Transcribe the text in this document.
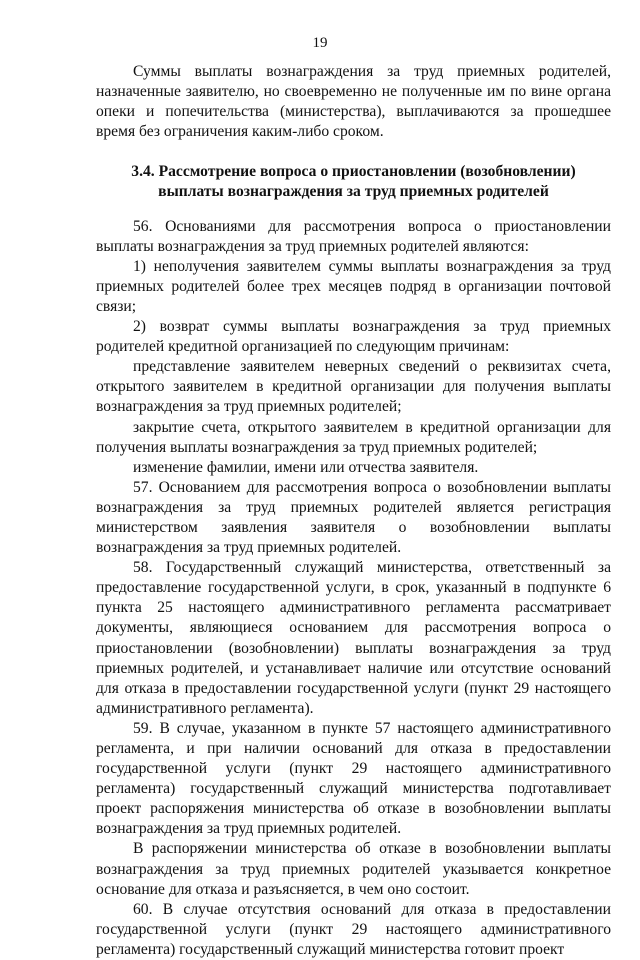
19

Суммы выплаты вознаграждения за труд приемных родителей, назначенные заявителю, но своевременно не полученные им по вине органа опеки и попечительства (министерства), выплачиваются за прошедшее время без ограничения каким-либо сроком.

3.4. Рассмотрение вопроса о приостановлении (возобновлении) выплаты вознаграждения за труд приемных родителей

56. Основаниями для рассмотрения вопроса о приостановлении выплаты вознаграждения за труд приемных родителей являются:

1) неполучения заявителем суммы выплаты вознаграждения за труд приемных родителей более трех месяцев подряд в организации почтовой связи;

2) возврат суммы выплаты вознаграждения за труд приемных родителей кредитной организацией по следующим причинам:

представление заявителем неверных сведений о реквизитах счета, открытого заявителем в кредитной организации для получения выплаты вознаграждения за труд приемных родителей;

закрытие счета, открытого заявителем в кредитной организации для получения выплаты вознаграждения за труд приемных родителей;

изменение фамилии, имени или отчества заявителя.

57. Основанием для рассмотрения вопроса о возобновлении выплаты вознаграждения за труд приемных родителей является регистрация министерством заявления заявителя о возобновлении выплаты вознаграждения за труд приемных родителей.

58. Государственный служащий министерства, ответственный за предоставление государственной услуги, в срок, указанный в подпункте 6 пункта 25 настоящего административного регламента рассматривает документы, являющиеся основанием для рассмотрения вопроса о приостановлении (возобновлении) выплаты вознаграждения за труд приемных родителей, и устанавливает наличие или отсутствие оснований для отказа в предоставлении государственной услуги (пункт 29 настоящего административного регламента).

59. В случае, указанном в пункте 57 настоящего административного регламента, и при наличии оснований для отказа в предоставлении государственной услуги (пункт 29 настоящего административного регламента) государственный служащий министерства подготавливает проект распоряжения министерства об отказе в возобновлении выплаты вознаграждения за труд приемных родителей.

В распоряжении министерства об отказе в возобновлении выплаты вознаграждения за труд приемных родителей указывается конкретное основание для отказа и разъясняется, в чем оно состоит.

60. В случае отсутствия оснований для отказа в предоставлении государственной услуги (пункт 29 настоящего административного регламента) государственный служащий министерства готовит проект
